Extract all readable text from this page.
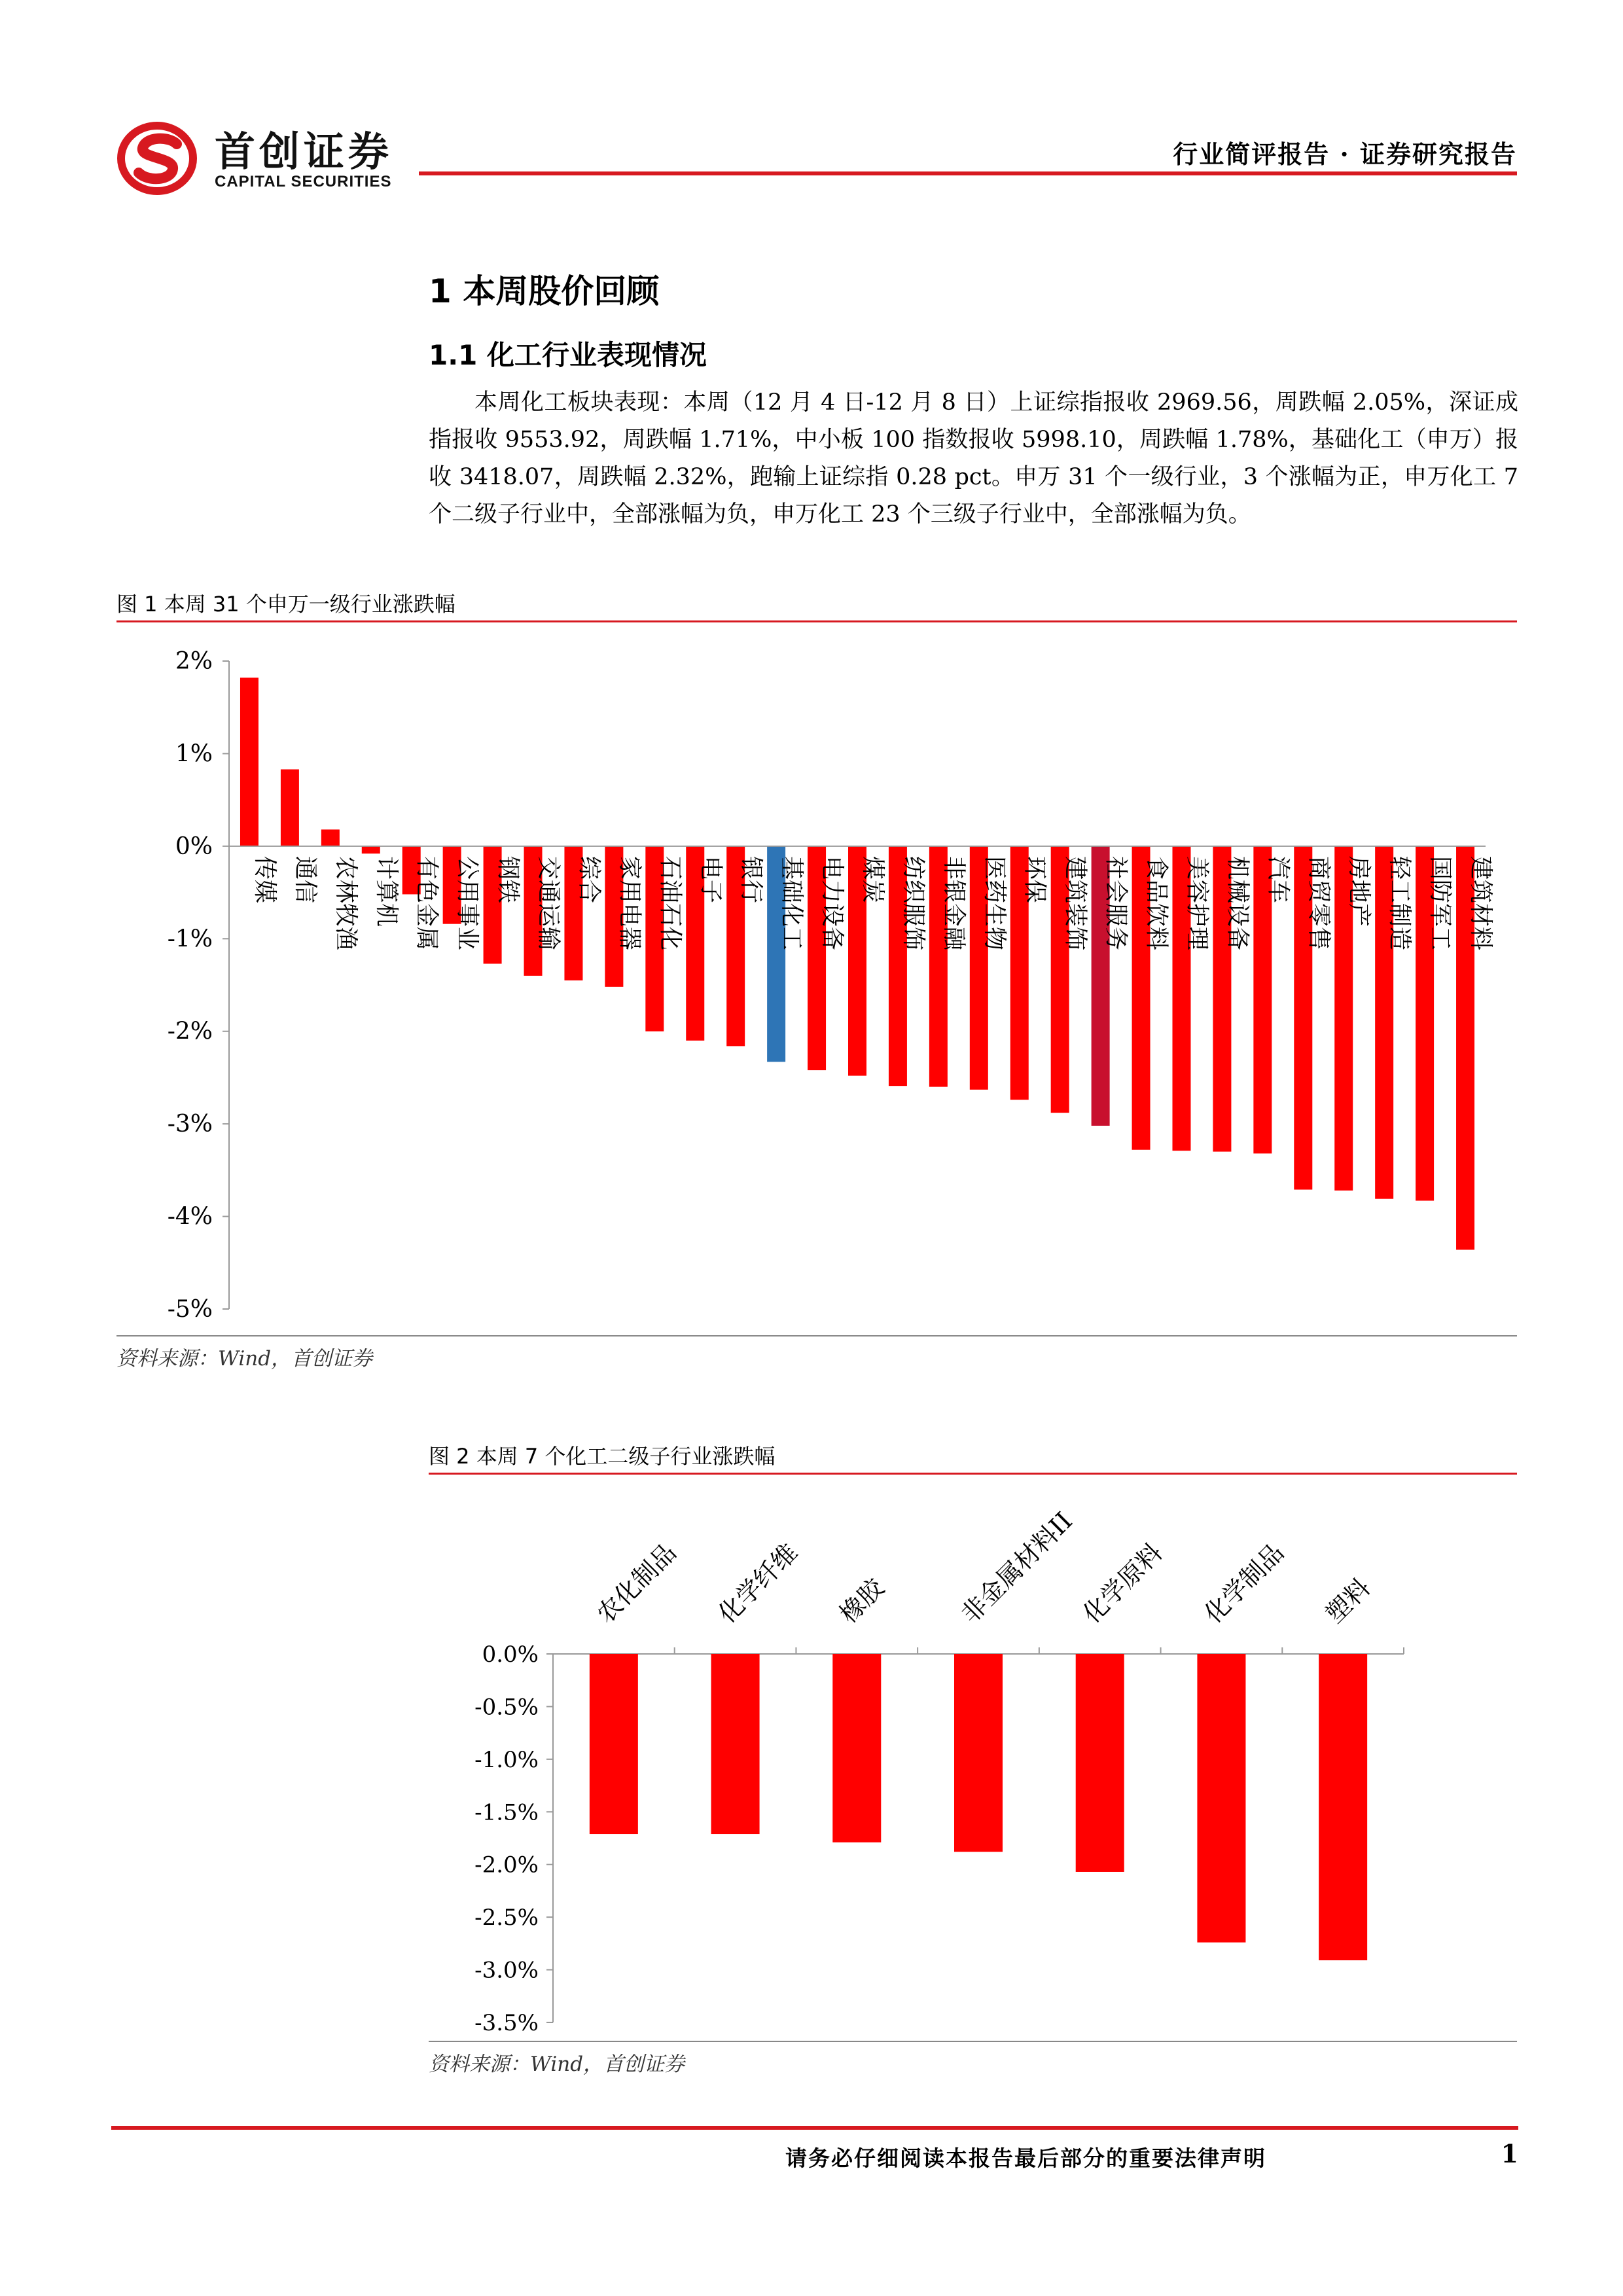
首创证券
CAPITAL SECURITIES
行业简评报告 · 证券研究报告
1 本周股价回顾
1.1 化工行业表现情况
本周化工板块表现：本周（12 月 4 日-12 月 8 日）上证综指报收 2969.56，周跌幅 2.05%，深证成指报收 9553.92，周跌幅 1.71%，中小板 100 指数报收 5998.10，周跌幅 1.78%，基础化工（申万）报收 3418.07，周跌幅 2.32%，跑输上证综指 0.28 pct。申万 31 个一级行业，3 个涨幅为正，申万化工 7 个二级子行业中，全部涨幅为负，申万化工 23 个三级子行业中，全部涨幅为负。
图 1 本周 31 个申万一级行业涨跌幅
2%
1%
0%
-1%
-2%
-3%
-4%
-5%
传媒 通信 农林牧渔 计算机 有色金属 公用事业 钢铁 交通运输 综合 家用电器 石油石化 电子 银行 基础化工 电力设备 煤炭 纺织服饰 非银金融 医药生物 环保 建筑装饰 社会服务 食品饮料 美容护理 机械设备 汽车 商贸零售 房地产 轻工制造 国防军工 建筑材料
资料来源：Wind，首创证券
图 2 本周 7 个化工二级子行业涨跌幅
0.0%
-0.5%
-1.0%
-1.5%
-2.0%
-2.5%
-3.0%
-3.5%
农化制品 化学纤维 橡胶	非金属材料II 化学原料 化学制品 塑料
资料来源：Wind，首创证券
请务必仔细阅读本报告最后部分的重要法律声明	1
